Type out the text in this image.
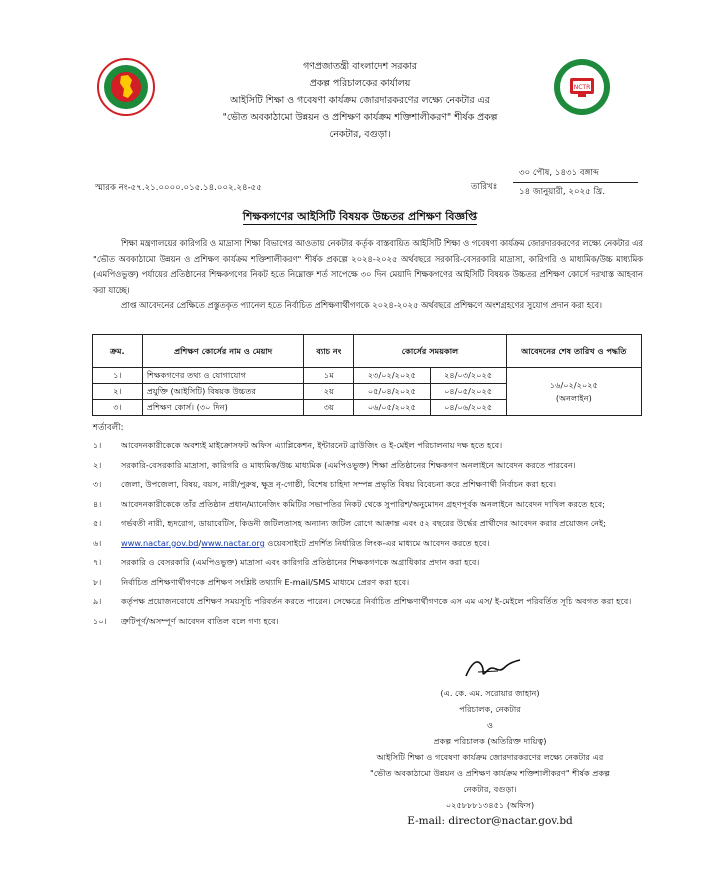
NCTR
গণপ্রজাতন্ত্রী বাংলাদেশ সরকার
প্রকল্প পরিচালকের কার্যালয়
আইসিটি শিক্ষা ও গবেষণা কার্যক্রম জোরদারকরণের লক্ষ্যে নেকটার এর
"ভৌত অবকাঠামো উন্নয়ন ও প্রশিক্ষণ কার্যক্রম শক্তিশালীকরণ" শীর্ষক প্রকল্প
নেকটার, বগুড়া।
স্মারক নং-৫৭.২১.০০০০.০১৫.১৪.০০২.২৪-৫৫	তারিখঃ
৩০ পৌষ, ১৪৩১ বঙ্গাব্দ
১৪ জানুয়ারী, ২০২৫ খ্রি.
শিক্ষকগণের আইসিটি বিষয়ক উচ্চতর প্রশিক্ষণ বিজ্ঞপ্তি
শিক্ষা মন্ত্রণালয়ের কারিগরি ও মাদ্রাসা শিক্ষা বিভাগের আওতায় নেকটার কর্তৃক বাস্তবায়িত আইসিটি শিক্ষা ও গবেষণা কার্যক্রম জোরদারকরণের লক্ষ্যে নেকটার এর "ভৌত অবকাঠামো উন্নয়ন ও প্রশিক্ষণ কার্যক্রম শক্তিশালীকরণ" শীর্ষক প্রকল্পে ২০২৪-২০২৫ অর্থবছরে সরকারি-বেসরকারি মাদ্রাসা, কারিগরি ও মাধ্যমিক/উচ্চ মাধ্যমিক (এমপিওভুক্ত) পর্যায়ের প্রতিষ্ঠানের শিক্ষকগণের নিকট হতে নিম্নোক্ত শর্ত সাপেক্ষে ৩০ দিন মেয়াদি শিক্ষকগণের আইসিটি বিষয়ক উচ্চতর প্রশিক্ষণ কোর্সে দরখাস্ত আহবান করা যাচ্ছে।
প্রাপ্ত আবেদনের প্রেক্ষিতে প্রস্তুতকৃত প্যানেল হতে নির্বাচিত প্রশিক্ষণার্থীগণকে ২০২৪-২০২৫ অর্থবছরে প্রশিক্ষণে অংশগ্রহণের সুযোগ প্রদান করা হবে।
ক্রম.	প্রশিক্ষণ কোর্সের নাম ও মেয়াদ	ব্যাচ নং	কোর্সের সময়কাল		আবেদনের শেষ তারিখ ও পদ্ধতি
১।	শিক্ষকগণের তথ্য ও যোগাযোগ	১ম	২৩/০২/২০২৫	২৪/০৩/২০২৫	১৬/০২/২০২৫
(অনলাইন)

২।	প্রযুক্তি (আইসিটি) বিষয়ক উচ্চতর	২য়	০৫/০৪/২০২৫	০৪/০৫/২০২৫	
৩।	প্রশিক্ষণ কোর্স। (৩০ দিন)	৩য়	০৬/০৫/২০২৫	০৪/০৬/২০২৫	
শর্তাবলী:
১।	আবেদনকারীকেকে অবশ্যই মাইক্রোসফট অফিস এ্যাপ্লিকেশন, ইন্টারনেট ব্রাউজিং ও ই-মেইল পরিচালনায় দক্ষ হতে হবে।
২।	সরকারি-বেসরকারি মাদ্রাসা, কারিগরি ও মাধ্যমিক/উচ্চ মাধ্যমিক (এমপিওভুক্ত) শিক্ষা প্রতিষ্ঠানের শিক্ষকগণ অনলাইনে আবেদন করতে পারবেন।
৩।	জেলা, উপজেলা, বিষয়, বয়স, নারী/পুরুষ, ক্ষুদ্র নৃ-গোষ্ঠী, বিশেষ চাহিদা সম্পন্ন প্রভৃতি বিষয় বিবেচনা করে প্রশিক্ষণার্থী নির্বাচন করা হবে।
৪।	আবেদনকারীকেকে তাঁর প্রতিষ্ঠান প্রধান/ম্যানেজিং কমিটির সভাপতির নিকট থেকে সুপারিশ/অনুমোদন গ্রহণপূর্বক অনলাইনে আবেদন দাখিল করতে হবে;
৫।	গর্ভবতী নারী, হৃদরোগ, ডায়াবেটিস, কিডনী জটিলতাসহ অন্যান্য জটিল রোগে আক্রান্ত এবং ৫২ বছরের উর্দ্ধের প্রার্থীদের আবেদন করার প্রয়োজন নেই;
৬।	www.nactar.gov.bd/www.nactar.org ওয়েবসাইটে প্রদর্শিত নির্ধারিত লিংক-এর মাধ্যমে আবেদন করতে হবে।
৭।	সরকারি ও বেসরকারি (এমপিওভুক্ত) মাদ্রাসা এবং কারিগরি প্রতিষ্ঠানের শিক্ষকগণকে অগ্রাধিকার প্রদান করা হবে।
৮।	নির্বাচিত প্রশিক্ষণার্থীগণকে প্রশিক্ষণ সংশ্লিষ্ট তথ্যাদি E-mail/SMS মাধ্যমে প্রেরণ করা হবে।
৯।	কর্তৃপক্ষ প্রয়োজনবোধে প্রশিক্ষণ সময়সূচি পরিবর্তন করতে পারেন। সেক্ষেত্রে নির্বাচিত প্রশিক্ষণার্থীগণকে এস এম এস/ ই-মেইলে পরিবর্তিত সূচি অবগত করা হবে।
১০।	ত্রুটিপূর্ণ/অসম্পূর্ণ আবেদন বাতিল বলে গণ্য হবে।
(এ. কে. এম. সরোয়ার জাহান)
পরিচালক, নেকটার
ও
প্রকল্প পরিচালক (অতিরিক্ত দায়িত্ব)
আইসিটি শিক্ষা ও গবেষণা কার্যক্রম জোরদারকরণের লক্ষ্যে নেকটার এর
"ভৌত অবকাঠামো উন্নয়ন ও প্রশিক্ষণ কার্যক্রম শক্তিশালীকরণ" শীর্ষক প্রকল্প
নেকটার, বগুড়া।
০২৫৮৮৮১৩৪৫১ (অফিস)
E-mail: director@nactar.gov.bd
